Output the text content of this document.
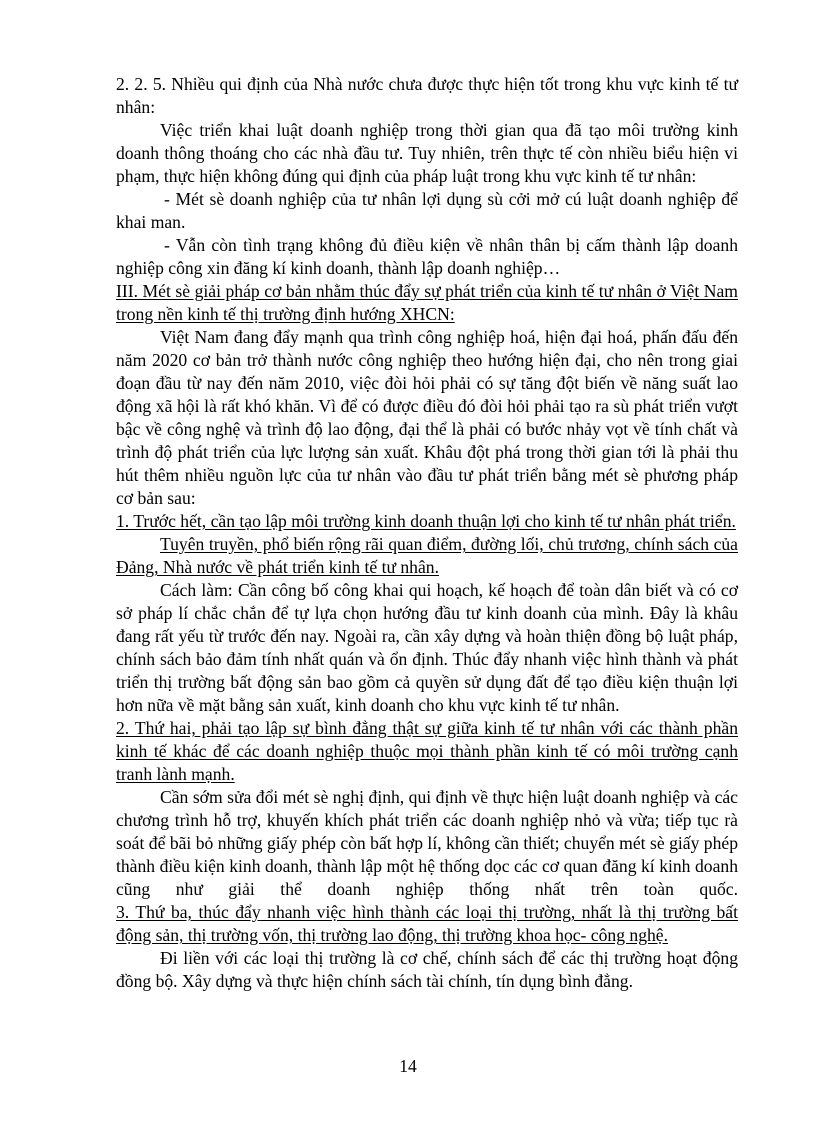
2. 2. 5. Nhiều qui định của Nhà nước chưa được thực hiện tốt trong khu vực kinh tế tư nhân:

Việc triển khai luật doanh nghiệp trong thời gian qua đã tạo môi trường kinh doanh thông thoáng cho các nhà đầu tư. Tuy nhiên, trên thực tế còn nhiều biểu hiện vi phạm, thực hiện không đúng qui định của pháp luật trong khu vực kinh tế tư nhân:

- Mét sè doanh nghiệp của tư nhân lợi dụng sù cởi mở cú luật doanh nghiệp để khai man.

- Vẫn còn tình trạng không đủ điều kiện về nhân thân bị cấm thành lập doanh nghiệp công xin đăng kí kinh doanh, thành lập doanh nghiệp…

III. Mét sè giải pháp cơ bản nhằm thúc đẩy sự phát triển của kinh tế tư nhân ở Việt Nam trong nền kinh tế thị trường định hướng XHCN:

Việt Nam đang đẩy mạnh qua trình công nghiệp hoá, hiện đại hoá, phấn đấu đến năm 2020 cơ bản trở thành nước công nghiệp theo hướng hiện đại, cho nên trong giai đoạn đầu từ nay đến năm 2010, việc đòi hỏi phải có sự tăng đột biến về năng suất lao động xã hội là rất khó khăn. Vì để có được điều đó đòi hỏi phải tạo ra sù phát triển vượt bậc về công nghệ và trình độ lao động, đại thể là phải có bước nhảy vọt về tính chất và trình độ phát triển của lực lượng sản xuất. Khâu đột phá trong thời gian tới là phải thu hút thêm nhiều nguồn lực của tư nhân vào đầu tư phát triển bằng mét sè phương pháp cơ bản sau:

1. Trước hết, cần tạo lập môi trường kinh doanh thuận lợi cho kinh tế tư nhân phát triển.

Tuyên truyền, phổ biến rộng rãi quan điểm, đường lối, chủ trương, chính sách của Đảng, Nhà nước về phát triển kinh tế tư nhân.

Cách làm: Cần công bố công khai qui hoạch, kế hoạch để toàn dân biết và có cơ sở pháp lí chắc chắn để tự lựa chọn hướng đầu tư kinh doanh của mình. Đây là khâu đang rất yếu từ trước đến nay. Ngoài ra, cần xây dựng và hoàn thiện đồng bộ luật pháp, chính sách bảo đảm tính nhất quán và ổn định. Thúc đẩy nhanh việc hình thành và phát triển thị trường bất động sản bao gồm cả quyền sử dụng đất để tạo điều kiện thuận lợi hơn nữa về mặt bằng sản xuất, kinh doanh cho khu vực kinh tế tư nhân.

2. Thứ hai, phải tạo lập sự bình đẳng thật sự giữa kinh tế tư nhân với các thành phần kinh tế khác để các doanh nghiệp thuộc mọi thành phần kinh tế có môi trường cạnh tranh lành mạnh.

Cần sớm sửa đổi mét sè nghị định, qui định về thực hiện luật doanh nghiệp và các chương trình hỗ trợ, khuyến khích phát triển các doanh nghiệp nhỏ và vừa; tiếp tục rà soát để bãi bỏ những giấy phép còn bất hợp lí, không cần thiết; chuyển mét sè giấy phép thành điều kiện kinh doanh, thành lập một hệ thống dọc các cơ quan đăng kí kinh doanh cũng như giải thể doanh nghiệp thống nhất trên toàn quốc.

3. Thứ ba, thúc đẩy nhanh việc hình thành các loại thị trường, nhất là thị trường bất động sản, thị trường vốn, thị trường lao động, thị trường khoa học- công nghệ.

Đi liền với các loại thị trường là cơ chế, chính sách để các thị trường hoạt động đồng bộ. Xây dựng và thực hiện chính sách tài chính, tín dụng bình đẳng.

14
